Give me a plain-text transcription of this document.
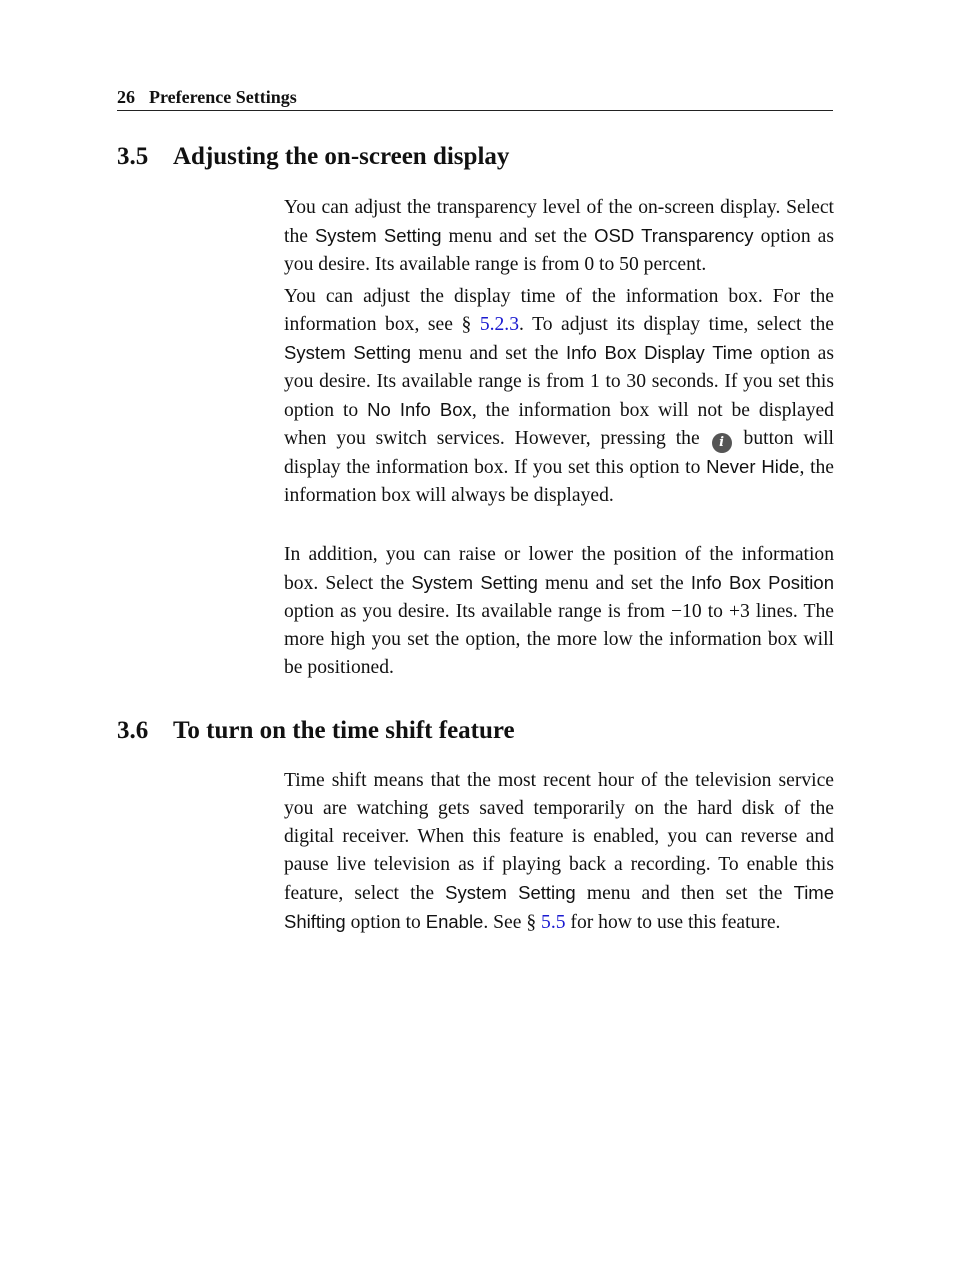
26 Preference Settings
3.5 Adjusting the on-screen display

You can adjust the transparency level of the on-screen display. Select the System Setting menu and set the OSD Transparency option as you desire. Its available range is from 0 to 50 percent.

You can adjust the display time of the information box. For the information box, see § 5.2.3. To adjust its display time, select the System Setting menu and set the Info Box Display Time option as you desire. Its available range is from 1 to 30 seconds. If you set this option to No Info Box, the information box will not be displayed when you switch services. However, pressing the i button will display the information box. If you set this option to Never Hide, the information box will always be displayed.

In addition, you can raise or lower the position of the information box. Select the System Setting menu and set the Info Box Position option as you desire. Its available range is from −10 to +3 lines. The more high you set the option, the more low the information box will be positioned.

3.6 To turn on the time shift feature

Time shift means that the most recent hour of the television service you are watching gets saved temporarily on the hard disk of the digital receiver. When this feature is enabled, you can reverse and pause live television as if playing back a recording. To enable this feature, select the System Setting menu and then set the Time Shifting option to Enable. See § 5.5 for how to use this feature.
